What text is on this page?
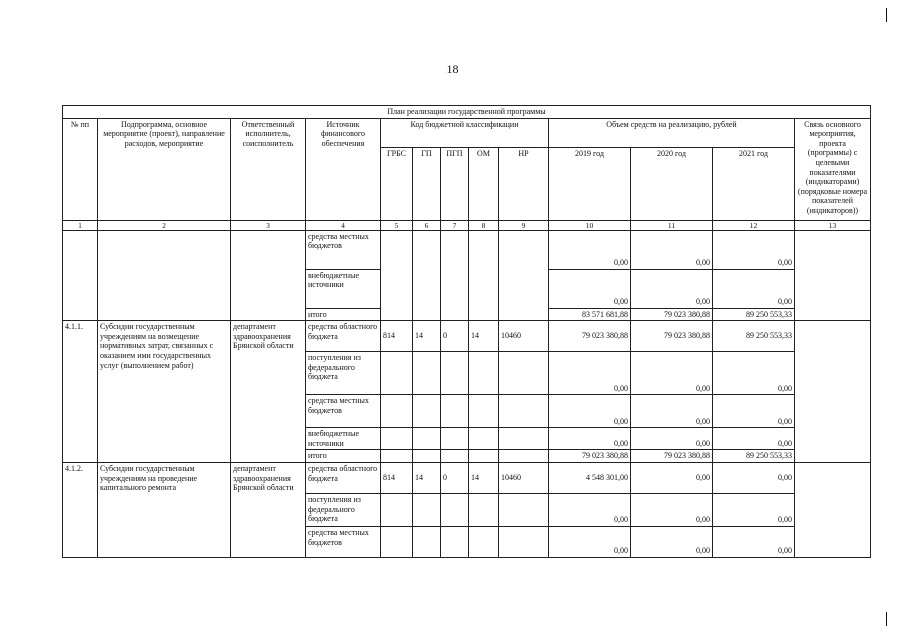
18
План реализации государственной программы												
№ пп	Подпрограмма, основное мероприятие (проект), направление расходов, мероприятие	Ответственный исполнитель, соисполнитель	Источник финансового обеспечения	Код бюджетной классификации					Объем средств на реализацию, рублей			Связь основного мероприятия, проекта (программы) с целевыми показателями (индикаторами) (порядковые номера показателей (индикаторов))
				ГРБС	ГП	ПГП	ОМ	НР	2019 год	2020 год	2021 год	
1	2	3	4	5	6	7	8	9	10	11	12	13
			средства местных бюджетов						0,00	0,00	0,00	
			внебюджетные источники						0,00	0,00	0,00	
			итого						83 571 681,88	79 023 380,88	89 250 553,33	
4.1.1.	Субсидии государственным учреждениям на возмещение нормативных затрат, связанных с оказанием ими государственных услуг (выполнением работ)	департамент здравоохранения Брянской области	средства областного бюджета	814	14	0	14	10460	79 023 380,88	79 023 380,88	89 250 553,33	
			поступления из федерального бюджета						0,00	0,00	0,00	
			средства местных бюджетов						0,00	0,00	0,00	
			внебюджетные источники						0,00	0,00	0,00	
			итого						79 023 380,88	79 023 380,88	89 250 553,33	
4.1.2.	Субсидии государственным учреждениям на проведение капитального ремонта	департамент здравоохранения Брянской области	средства областного бюджета	814	14	0	14	10460	4 548 301,00	0,00	0,00	
			поступления из федерального бюджета						0,00	0,00	0,00	
			средства местных бюджетов						0,00	0,00	0,00	
